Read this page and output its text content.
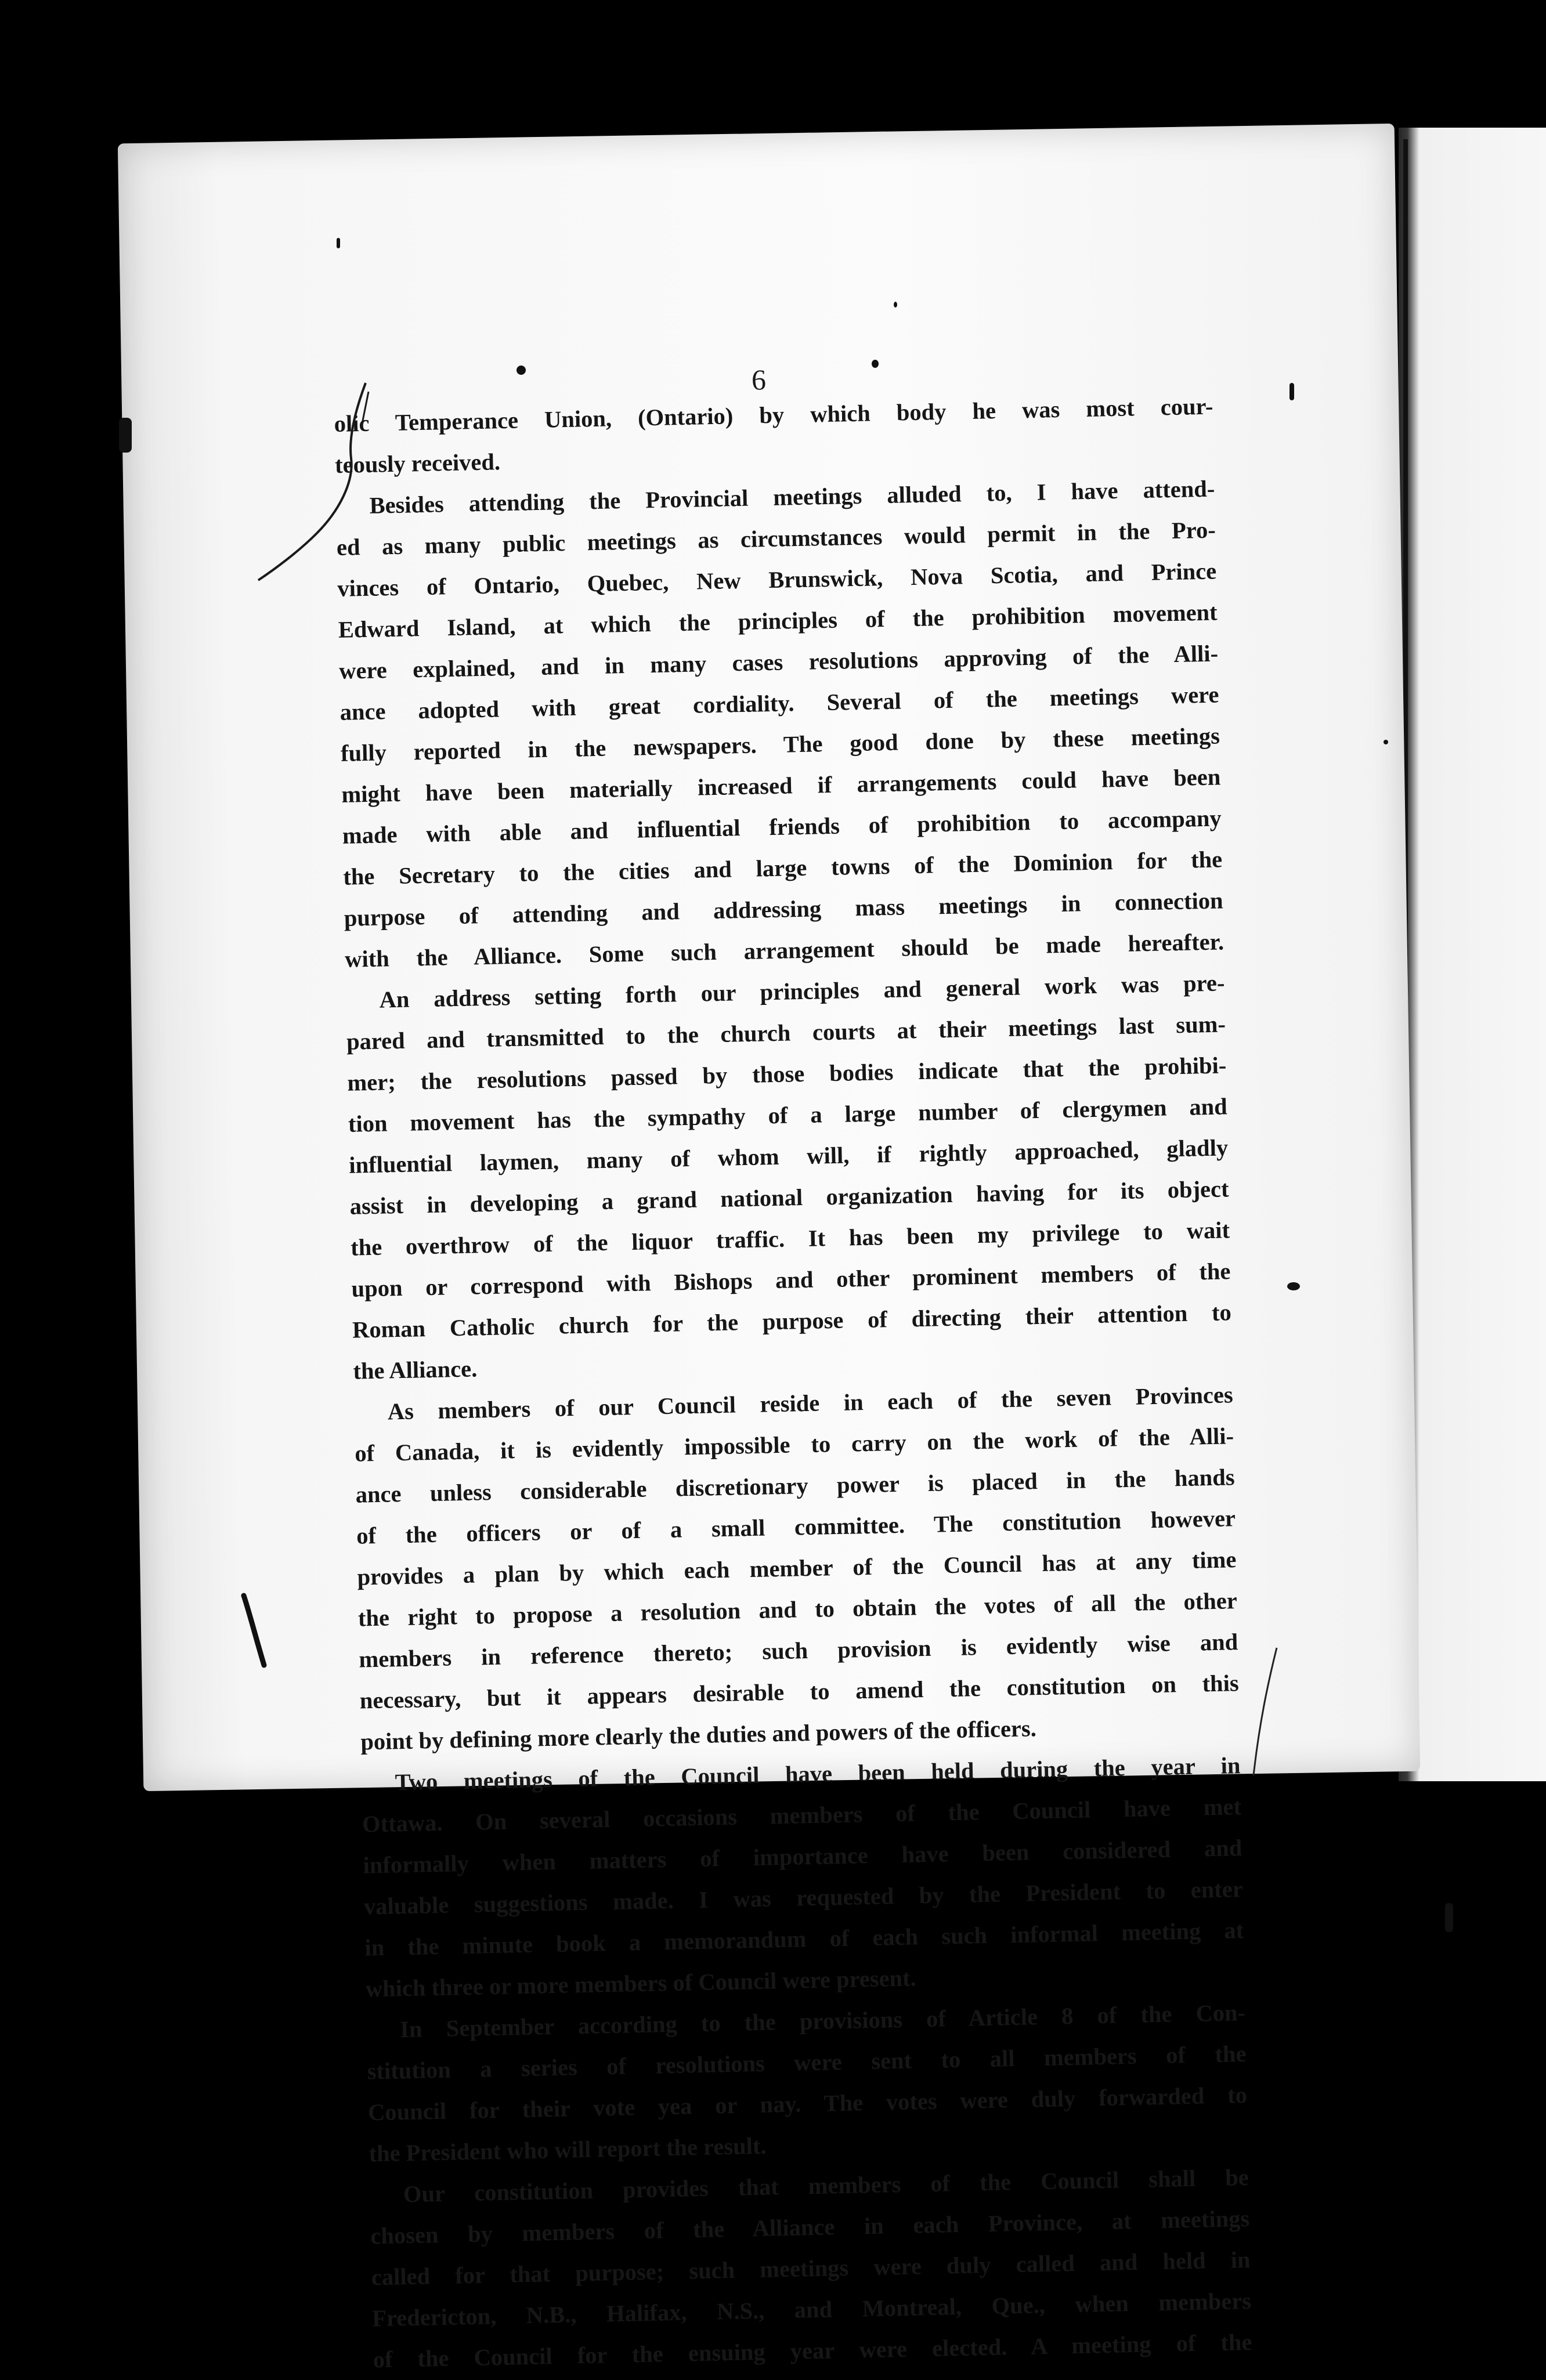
6
olic Temperance Union, (Ontario) by which body he was most cour-
teously received.
Besides attending the Provincial meetings alluded to, I have attend-
ed as many public meetings as circumstances would permit in the Pro-
vinces of Ontario, Quebec, New Brunswick, Nova Scotia, and Prince
Edward Island, at which the principles of the prohibition movement
were explained, and in many cases resolutions approving of the Alli-
ance adopted with great cordiality. Several of the meetings were
fully reported in the newspapers. The good done by these meetings
might have been materially increased if arrangements could have been
made with able and influential friends of prohibition to accompany
the Secretary to the cities and large towns of the Dominion for the
purpose of attending and addressing mass meetings in connection
with the Alliance. Some such arrangement should be made hereafter.
An address setting forth our principles and general work was pre-
pared and transmitted to the church courts at their meetings last sum-
mer; the resolutions passed by those bodies indicate that the prohibi-
tion movement has the sympathy of a large number of clergymen and
influential laymen, many of whom will, if rightly approached, gladly
assist in developing a grand national organization having for its object
the overthrow of the liquor traffic. It has been my privilege to wait
upon or correspond with Bishops and other prominent members of the
Roman Catholic church for the purpose of directing their attention to
the Alliance.
As members of our Council reside in each of the seven Provinces
of Canada, it is evidently impossible to carry on the work of the Alli-
ance unless considerable discretionary power is placed in the hands
of the officers or of a small committee. The constitution however
provides a plan by which each member of the Council has at any time
the right to propose a resolution and to obtain the votes of all the other
members in reference thereto; such provision is evidently wise and
necessary, but it appears desirable to amend the constitution on this
point by defining more clearly the duties and powers of the officers.
Two meetings of the Council have been held during the year in
Ottawa. On several occasions members of the Council have met
informally when matters of importance have been considered and
valuable suggestions made. I was requested by the President to enter
in the minute book a memorandum of each such informal meeting at
which three or more members of Council were present.
In September according to the provisions of Article 8 of the Con-
stitution a series of resolutions were sent to all members of the
Council for their vote yea or nay. The votes were duly forwarded to
the President who will report the result.
Our constitution provides that members of the Council shall be
chosen by members of the Alliance in each Province, at meetings
called for that purpose; such meetings were duly called and held in
Fredericton, N.B., Halifax, N.S., and Montreal, Que., when members
of the Council for the ensuing year were elected. A meeting of the
